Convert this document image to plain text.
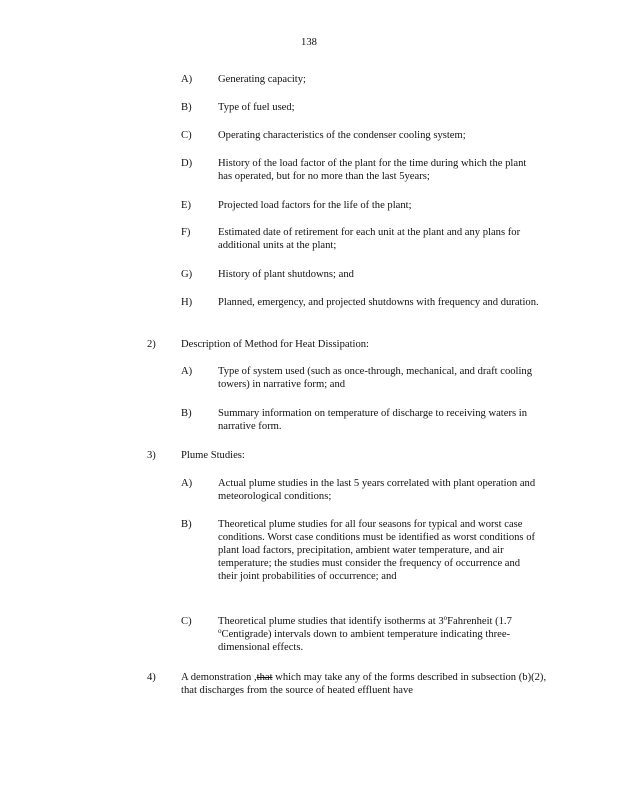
138
A) Generating capacity;
B) Type of fuel used;
C) Operating characteristics of the condenser cooling system;
D) History of the load factor of the plant for the time during which the plant has operated, but for no more than the last 5years;
E)	Projected load factors for the life of the plant;
F)	Estimated date of retirement for each unit at the plant and any plans for additional units at the plant;
G) History of plant shutdowns; and
H) Planned, emergency, and projected shutdowns with frequency and duration.
2) Description of Method for Heat Dissipation:
A) Type of system used (such as once-through, mechanical, and draft cooling towers) in narrative form; and
B) Summary information on temperature of discharge to receiving waters in narrative form.
3) Plume Studies:
A) Actual plume studies in the last 5 years correlated with plant operation and meteorological conditions;
B) Theoretical plume studies for all four seasons for typical and worst case conditions. Worst case conditions must be identified as worst conditions of plant load factors, precipitation, ambient water temperature, and air temperature; the studies must consider the frequency of occurrence and their joint probabilities of occurrence; and
C) Theoretical plume studies that identify isotherms at 3$^o$Fahrenheit (1.7 $^o$Centigrade) intervals down to ambient temperature indicating three-dimensional effects.
4) A demonstration ,that which may take any of the forms described in subsection (b)(2), that discharges from the source of heated effluent have
